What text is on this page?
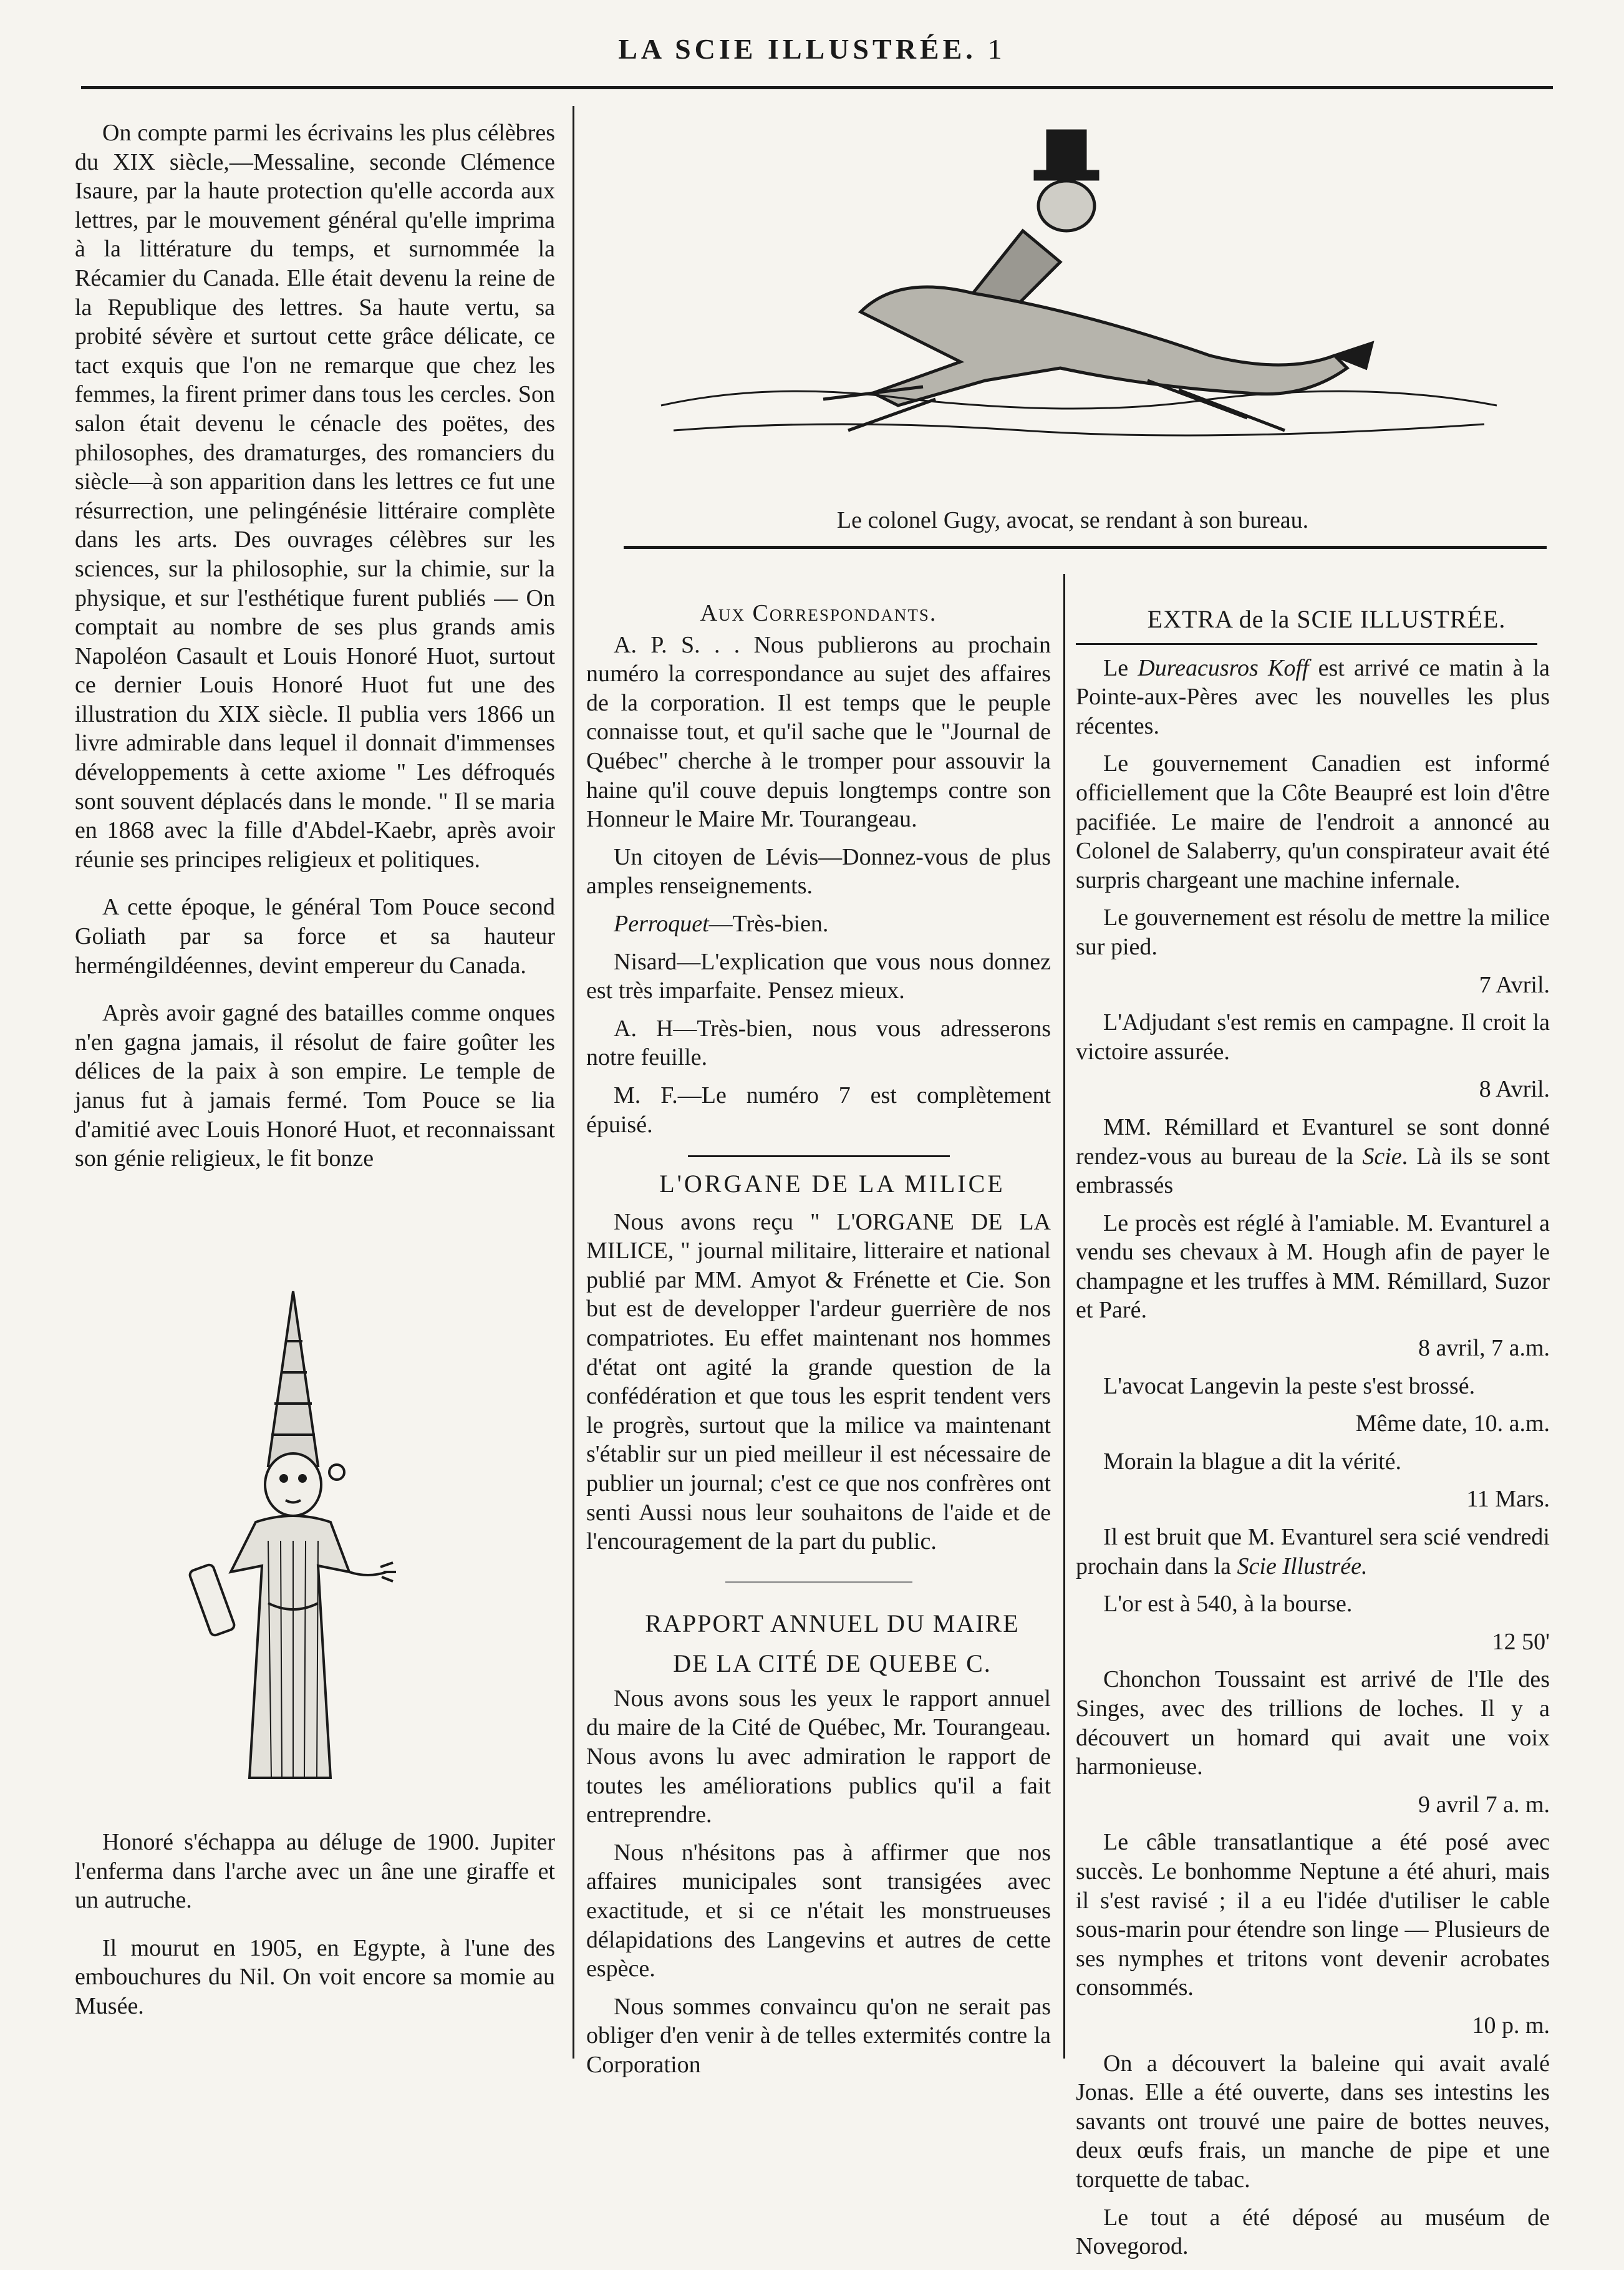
LA SCIE ILLUSTRÉE. 1

On compte parmi les écrivains les plus célèbres du XIX siècle,—Messaline, seconde Clémence Isaure, par la haute protection qu'elle accorda aux lettres, par le mouvement général qu'elle imprima à la littérature du temps, et surnommée la Récamier du Canada. Elle était devenu la reine de la Republique des lettres. Sa haute vertu, sa probité sévère et surtout cette grâce délicate, ce tact exquis que l'on ne remarque que chez les femmes, la firent primer dans tous les cercles. Son salon était devenu le cénacle des poëtes, des philosophes, des dramaturges, des romanciers du siècle—à son apparition dans les lettres ce fut une résurrection, une pelingénésie littéraire complète dans les arts. Des ouvrages célèbres sur les sciences, sur la philosophie, sur la chimie, sur la physique, et sur l'esthétique furent publiés — On comptait au nombre de ses plus grands amis Napoléon Casault et Louis Honoré Huot, surtout ce dernier Louis Honoré Huot fut une des illustration du XIX siècle. Il publia vers 1866 un livre admirable dans lequel il donnait d'immenses développements à cette axiome " Les défroqués sont souvent déplacés dans le monde. " Il se maria en 1868 avec la fille d'Abdel-Kaebr, après avoir réunie ses principes religieux et politiques.

A cette époque, le général Tom Pouce second Goliath par sa force et sa hauteur herméngildéennes, devint empereur du Canada.

Après avoir gagné des batailles comme onques n'en gagna jamais, il résolut de faire goûter les délices de la paix à son empire. Le temple de janus fut à jamais fermé. Tom Pouce se lia d'amitié avec Louis Honoré Huot, et reconnaissant son génie religieux, le fit bonze

Honoré s'échappa au déluge de 1900. Jupiter l'enferma dans l'arche avec un âne une giraffe et un autruche.

Il mourut en 1905, en Egypte, à l'une des embouchures du Nil. On voit encore sa momie au Musée.

Le colonel Gugy, avocat, se rendant à son bureau.

Aux Correspondants.

A. P. S. . . Nous publierons au prochain numéro la correspondance au sujet des affaires de la corporation. Il est temps que le peuple connaisse tout, et qu'il sache que le "Journal de Québec" cherche à le tromper pour assouvir la haine qu'il couve depuis longtemps contre son Honneur le Maire Mr. Tourangeau.

Un citoyen de Lévis—Donnez-vous de plus amples renseignements.

Perroquet—Très-bien.

Nisard—L'explication que vous nous donnez est très imparfaite. Pensez mieux.

A. H—Très-bien, nous vous adresserons notre feuille.

M. F.—Le numéro 7 est complètement épuisé.

L'ORGANE DE LA MILICE

Nous avons reçu " L'ORGANE DE LA MILICE, " journal militaire, litteraire et national publié par MM. Amyot & Frénette et Cie. Son but est de developper l'ardeur guerrière de nos compatriotes. Eu effet maintenant nos hommes d'état ont agité la grande question de la confédération et que tous les esprit tendent vers le progrès, surtout que la milice va maintenant s'établir sur un pied meilleur il est nécessaire de publier un journal; c'est ce que nos confrères ont senti Aussi nous leur souhaitons de l'aide et de l'encouragement de la part du public.

RAPPORT ANNUEL DU MAIRE

DE LA CITÉ DE QUEBE C.

Nous avons sous les yeux le rapport annuel du maire de la Cité de Québec, Mr. Tourangeau. Nous avons lu avec admiration le rapport de toutes les améliorations publics qu'il a fait entreprendre.

Nous n'hésitons pas à affirmer que nos affaires municipales sont transigées avec exactitude, et si ce n'était les monstrueuses délapidations des Langevins et autres de cette espèce.

Nous sommes convaincu qu'on ne serait pas obliger d'en venir à de telles extermités contre la Corporation

EXTRA de la SCIE ILLUSTRÉE.

Le Dureacusros Koff est arrivé ce matin à la Pointe-aux-Pères avec les nouvelles les plus récentes.

Le gouvernement Canadien est informé officiellement que la Côte Beaupré est loin d'être pacifiée. Le maire de l'endroit a annoncé au Colonel de Salaberry, qu'un conspirateur avait été surpris chargeant une machine infernale.

Le gouvernement est résolu de mettre la milice sur pied.

7 Avril.

L'Adjudant s'est remis en campagne. Il croit la victoire assurée.

8 Avril.

MM. Rémillard et Evanturel se sont donné rendez-vous au bureau de la Scie. Là ils se sont embrassés

Le procès est réglé à l'amiable. M. Evanturel a vendu ses chevaux à M. Hough afin de payer le champagne et les truffes à MM. Rémillard, Suzor et Paré.

8 avril, 7 a.m.

L'avocat Langevin la peste s'est brossé.

Même date, 10. a.m.

Morain la blague a dit la vérité.

11 Mars.

Il est bruit que M. Evanturel sera scié vendredi prochain dans la Scie Illustrée.

L'or est à 540, à la bourse.

12 50'

Chonchon Toussaint est arrivé de l'Ile des Singes, avec des trillions de loches. Il y a découvert un homard qui avait une voix harmonieuse.

9 avril 7 a. m.

Le câble transatlantique a été posé avec succès. Le bonhomme Neptune a été ahuri, mais il s'est ravisé ; il a eu l'idée d'utiliser le cable sous-marin pour étendre son linge — Plusieurs de ses nymphes et tritons vont devenir acrobates consommés.

10 p. m.

On a découvert la baleine qui avait avalé Jonas. Elle a été ouverte, dans ses intestins les savants ont trouvé une paire de bottes neuves, deux œufs frais, un manche de pipe et une torquette de tabac.

Le tout a été déposé au muséum de Novegorod.
